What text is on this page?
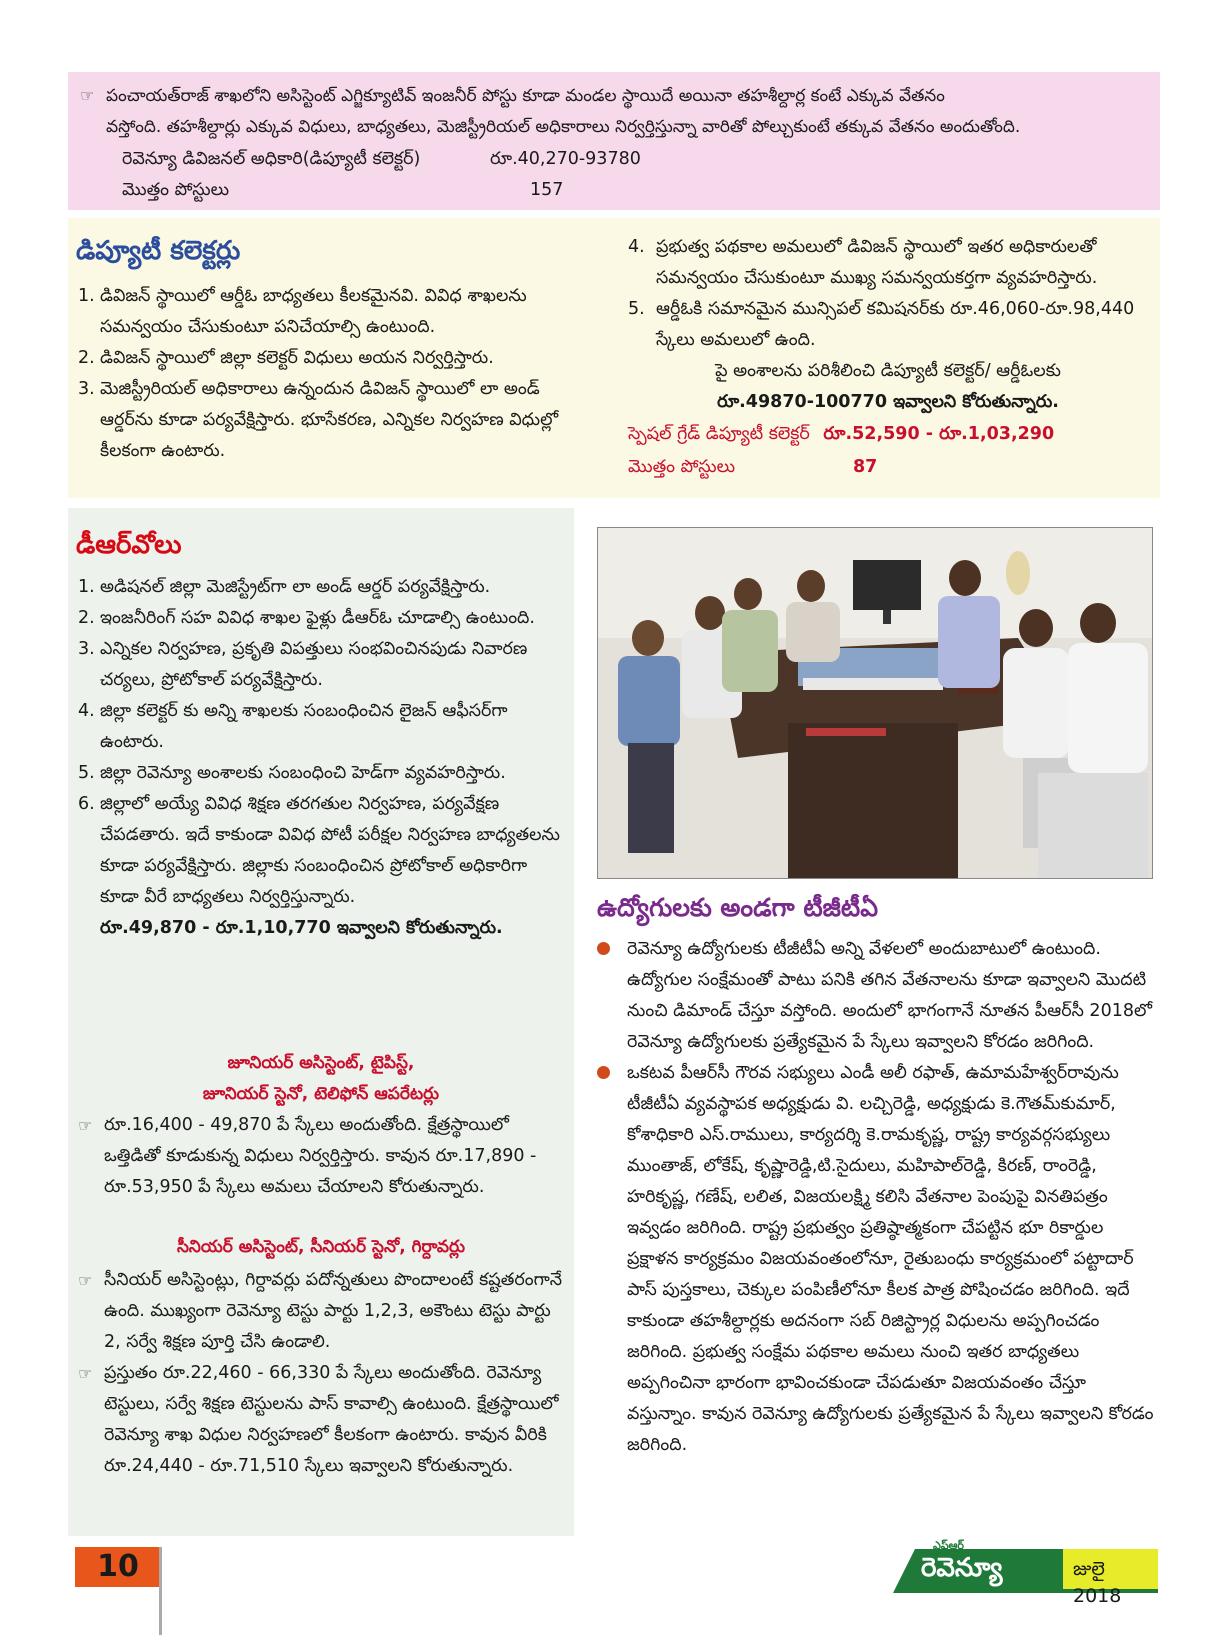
☞ పంచాయత్‌రాజ్ శాఖలోని అసిస్టెంట్ ఎగ్జిక్యూటివ్ ఇంజనీర్ పోస్టు కూడా మండల స్థాయిదే అయినా తహశీల్దార్ల కంటే ఎక్కువ వేతనం
వస్తోంది. తహశీల్దార్లు ఎక్కువ విధులు, బాధ్యతలు, మెజిస్ట్రీరియల్ అధికారాలు నిర్వర్తిస్తున్నా వారితో పోల్చుకుంటే తక్కువ వేతనం అందుతోంది.
రెవెన్యూ డివిజనల్ అధికారి(డిప్యూటీ కలెక్టర్)	రూ.40,270-93780
మొత్తం పోస్టులు	157
డిప్యూటీ కలెక్టర్లు
1. డివిజన్ స్థాయిలో ఆర్డీఓ బాధ్యతలు కీలకమైనవి. వివిధ శాఖలను సమన్వయం చేసుకుంటూ పనిచేయాల్సి ఉంటుంది.
2. డివిజన్ స్థాయిలో జిల్లా కలెక్టర్ విధులు అయన నిర్వర్తిస్తారు.
3. మెజిస్ట్రీరియల్ అధికారాలు ఉన్నందున డివిజన్ స్థాయిలో లా అండ్ ఆర్డర్‌ను కూడా పర్యవేక్షిస్తారు. భూసేకరణ, ఎన్నికల నిర్వహణ విధుల్లో కీలకంగా ఉంటారు.
4. ప్రభుత్వ పథకాల అమలులో డివిజన్ స్థాయిలో ఇతర అధికారులతో సమన్వయం చేసుకుంటూ ముఖ్య సమన్వయకర్తగా వ్యవహరిస్తారు.
5. ఆర్డీఓకి సమానమైన మున్సిపల్ కమిషనర్‌కు రూ.46,060-రూ.98,440 స్కేలు అమలులో ఉంది.
పై అంశాలను పరిశీలించి డిప్యూటీ కలెక్టర్/ ఆర్డీఓలకు
రూ.49870-100770 ఇవ్వాలని కోరుతున్నారు.
స్పెషల్ గ్రేడ్ డిప్యూటీ కలెక్టర్ రూ.52,590 - రూ.1,03,290
మొత్తం పోస్టులు	87
డీఆర్‌వోలు
1. అడిషనల్ జిల్లా మెజిస్ట్రేట్‌గా లా అండ్ ఆర్డర్ పర్యవేక్షిస్తారు.
2. ఇంజనీరింగ్ సహ వివిధ శాఖల ఫైళ్లు డీఆర్‌ఓ చూడాల్సి ఉంటుంది.
3. ఎన్నికల నిర్వహణ, ప్రకృతి విపత్తులు సంభవించినపుడు నివారణ చర్యలు, ప్రోటోకాల్ పర్యవేక్షిస్తారు.
4. జిల్లా కలెక్టర్ కు అన్ని శాఖలకు సంబంధించిన లైజన్ ఆఫీసర్‌గా ఉంటారు.
5. జిల్లా రెవెన్యూ అంశాలకు సంబంధించి హెడ్‌గా వ్యవహరిస్తారు.
6. జిల్లాలో అయ్యే వివిధ శిక్షణ తరగతుల నిర్వహణ, పర్యవేక్షణ చేపడతారు. ఇదే కాకుండా వివిధ పోటీ పరీక్షల నిర్వహణ బాధ్యతలను కూడా పర్యవేక్షిస్తారు. జిల్లాకు సంబంధించిన ప్రోటోకాల్ అధికారిగా కూడా వీరే బాధ్యతలు నిర్వర్తిస్తున్నారు.
రూ.49,870 - రూ.1,10,770 ఇవ్వాలని కోరుతున్నారు.
జూనియర్ అసిస్టెంట్, టైపిస్ట్,
జూనియర్ స్టెనో, టెలిఫోన్ ఆపరేటర్లు
☞ రూ.16,400 - 49,870 పే స్కేలు అందుతోంది. క్షేత్రస్థాయిలో ఒత్తిడితో కూడుకున్న విధులు నిర్వర్తిస్తారు. కావున రూ.17,890 - రూ.53,950 పే స్కేలు అమలు చేయాలని కోరుతున్నారు.
సీనియర్ అసిస్టెంట్, సీనియర్ స్టెనో, గిర్దావర్లు
☞ సీనియర్ అసిస్టెంట్లు, గిర్దావర్లు పదోన్నతులు పొందాలంటే కష్టతరంగానే ఉంది. ముఖ్యంగా రెవెన్యూ టెస్టు పార్టు 1,2,3, అకౌంటు టెస్టు పార్టు 2, సర్వే శిక్షణ పూర్తి చేసి ఉండాలి.
☞ ప్రస్తుతం రూ.22,460 - 66,330 పే స్కేలు అందుతోంది. రెవెన్యూ టెస్టులు, సర్వే శిక్షణ టెస్టులను పాస్ కావాల్సి ఉంటుంది. క్షేత్రస్థాయిలో రెవెన్యూ శాఖ విధుల నిర్వహణలో కీలకంగా ఉంటారు. కావున వీరికి రూ.24,440 - రూ.71,510 స్కేలు ఇవ్వాలని కోరుతున్నారు.
ఉద్యోగులకు అండగా టీజీటీఏ
రెవెన్యూ ఉద్యోగులకు టీజీటీఏ అన్ని వేళలలో అందుబాటులో ఉంటుంది. ఉద్యోగుల సంక్షేమంతో పాటు పనికి తగిన వేతనాలను కూడా ఇవ్వాలని మొదటి నుంచి డిమాండ్ చేస్తూ వస్తోంది. అందులో భాగంగానే నూతన పీఆర్‌సీ 2018లో రెవెన్యూ ఉద్యోగులకు ప్రత్యేకమైన పే స్కేలు ఇవ్వాలని కోరడం జరిగింది.
ఒకటవ పీఆర్‌సీ గౌరవ సభ్యులు ఎండీ అలీ రఫాత్, ఉమామహేశ్వర్‌రావును టీజీటీఏ వ్యవస్థాపక అధ్యక్షుడు వి. లచ్చిరెడ్డి, అధ్యక్షుడు కె.గౌతమ్‌కుమార్, కోశాధికారి ఎస్.రాములు, కార్యదర్శి కె.రామకృష్ణ, రాష్ట్ర కార్యవర్గసభ్యులు ముంతాజ్, లోకేష్, కృష్ణారెడ్డి,టి.సైదులు, మహిపాల్‌రెడ్డి, కిరణ్, రాంరెడ్డి, హరికృష్ణ, గణేష్, లలిత, విజయలక్ష్మి కలిసి వేతనాల పెంపుపై వినతిపత్రం ఇవ్వడం జరిగింది. రాష్ట్ర ప్రభుత్వం ప్రతిష్ఠాత్మకంగా చేపట్టిన భూ రికార్డుల ప్రక్షాళన కార్యక్రమం విజయవంతంలోనూ, రైతుబంధు కార్యక్రమంలో పట్టాదార్ పాస్ పుస్తకాలు, చెక్కుల పంపిణీలోనూ కీలక పాత్ర పోషించడం జరిగింది. ఇదే కాకుండా తహశీల్దార్లకు అదనంగా సబ్ రిజిస్ట్రార్ల విధులను అప్పగించడం జరిగింది. ప్రభుత్వ సంక్షేమ పథకాల అమలు నుంచి ఇతర బాధ్యతలు అప్పగించినా భారంగా భావించకుండా చేపడుతూ విజయవంతం చేస్తూ వస్తున్నాం. కావున రెవెన్యూ ఉద్యోగులకు ప్రత్యేకమైన పే స్కేలు ఇవ్వాలని కోరడం జరిగింది.
10
ఎఫ్‌ఆర్
రెవెన్యూ	జులై 2018
